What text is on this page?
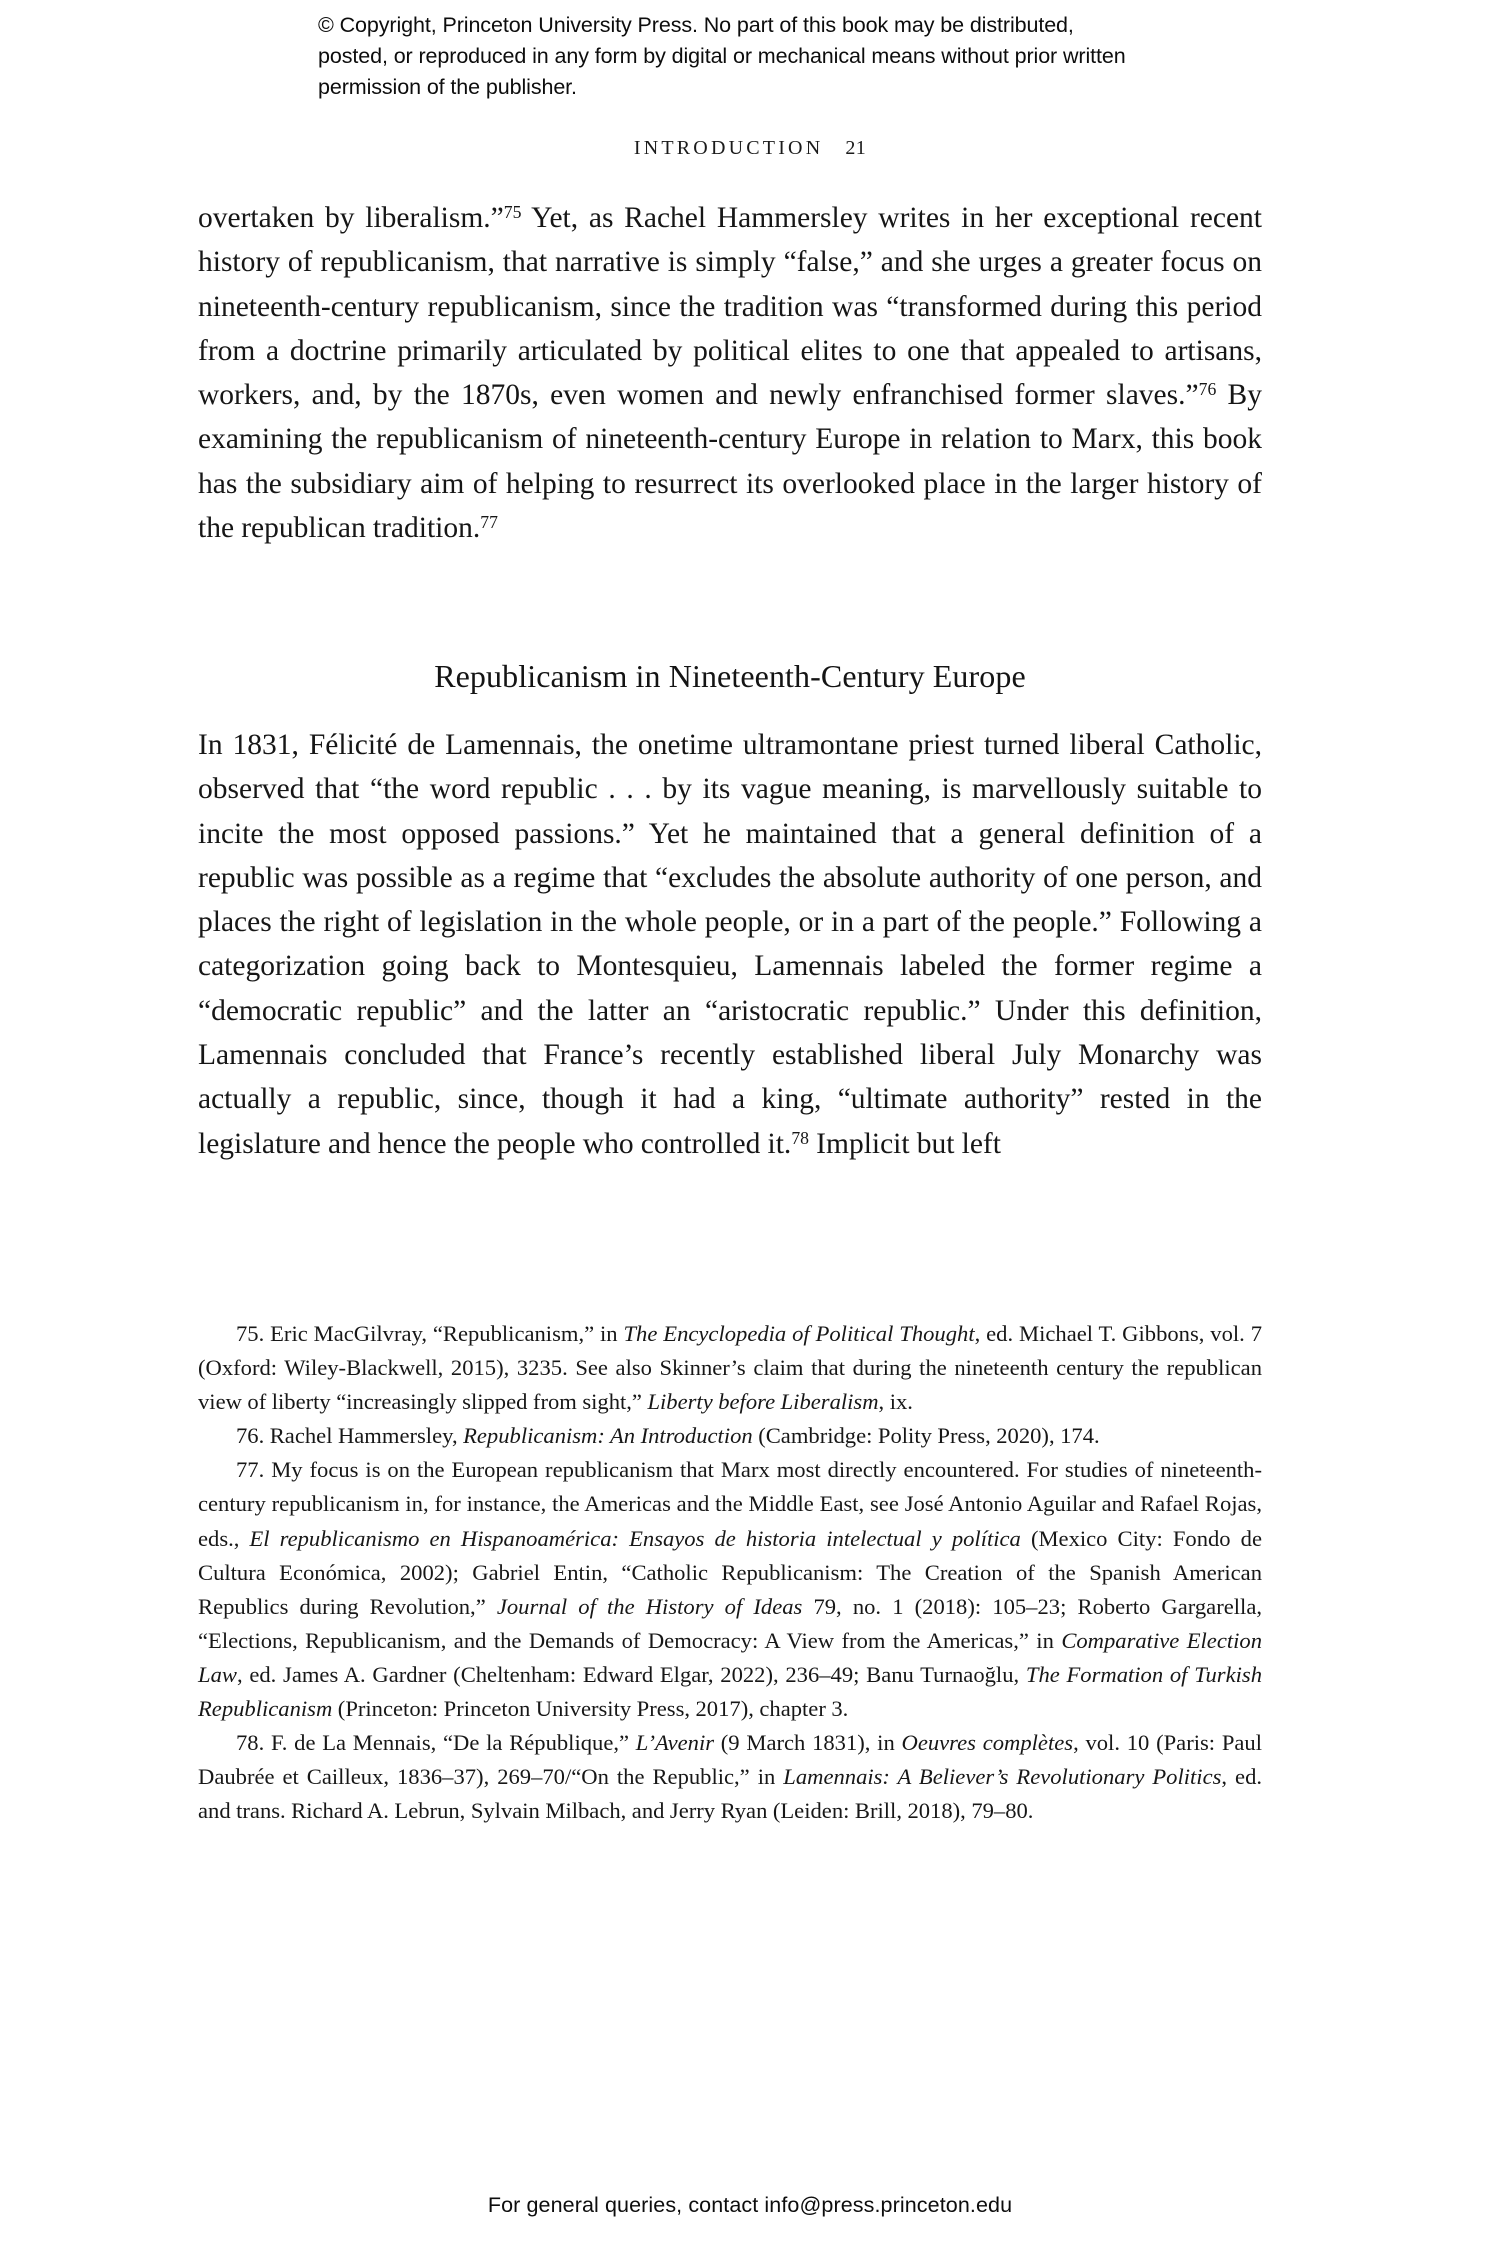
© Copyright, Princeton University Press. No part of this book may be distributed, posted, or reproduced in any form by digital or mechanical means without prior written permission of the publisher.
INTRODUCTION 21

overtaken by liberalism.”$^{75}$ Yet, as Rachel Hammersley writes in her exceptional recent history of republicanism, that narrative is simply “false,” and she urges a greater focus on nineteenth-century republicanism, since the tradition was “transformed during this period from a doctrine primarily articulated by political elites to one that appealed to artisans, workers, and, by the 1870s, even women and newly enfranchised former slaves.”$^{76}$ By examining the republicanism of nineteenth-century Europe in relation to Marx, this book has the subsidiary aim of helping to resurrect its overlooked place in the larger history of the republican tradition.$^{77}$

Republicanism in Nineteenth-Century Europe

In 1831, Félicité de Lamennais, the onetime ultramontane priest turned liberal Catholic, observed that “the word republic . . . by its vague meaning, is marvellously suitable to incite the most opposed passions.” Yet he maintained that a general definition of a republic was possible as a regime that “excludes the absolute authority of one person, and places the right of legislation in the whole people, or in a part of the people.” Following a categorization going back to Montesquieu, Lamennais labeled the former regime a “democratic republic” and the latter an “aristocratic republic.” Under this definition, Lamennais concluded that France’s recently established liberal July Monarchy was actually a republic, since, though it had a king, “ultimate authority” rested in the legislature and hence the people who controlled it.$^{78}$ Implicit but left

75. Eric MacGilvray, “Republicanism,” in The Encyclopedia of Political Thought, ed. Michael T. Gibbons, vol. 7 (Oxford: Wiley-Blackwell, 2015), 3235. See also Skinner’s claim that during the nineteenth century the republican view of liberty “increasingly slipped from sight,” Liberty before Liberalism, ix.

76. Rachel Hammersley, Republicanism: An Introduction (Cambridge: Polity Press, 2020), 174.

77. My focus is on the European republicanism that Marx most directly encountered. For studies of nineteenth-century republicanism in, for instance, the Americas and the Middle East, see José Antonio Aguilar and Rafael Rojas, eds., El republicanismo en Hispanoamérica: Ensayos de historia intelectual y política (Mexico City: Fondo de Cultura Económica, 2002); Gabriel Entin, “Catholic Republicanism: The Creation of the Spanish American Republics during Revolution,” Journal of the History of Ideas 79, no. 1 (2018): 105–23; Roberto Gargarella, “Elections, Republicanism, and the Demands of Democracy: A View from the Americas,” in Comparative Election Law, ed. James A. Gardner (Cheltenham: Edward Elgar, 2022), 236–49; Banu Turnaoğlu, The Formation of Turkish Republicanism (Princeton: Princeton University Press, 2017), chapter 3.

78. F. de La Mennais, “De la République,” L’Avenir (9 March 1831), in Oeuvres complètes, vol. 10 (Paris: Paul Daubrée et Cailleux, 1836–37), 269–70/“On the Republic,” in Lamennais: A Believer’s Revolutionary Politics, ed. and trans. Richard A. Lebrun, Sylvain Milbach, and Jerry Ryan (Leiden: Brill, 2018), 79–80.

For general queries, contact info@press.princeton.edu
